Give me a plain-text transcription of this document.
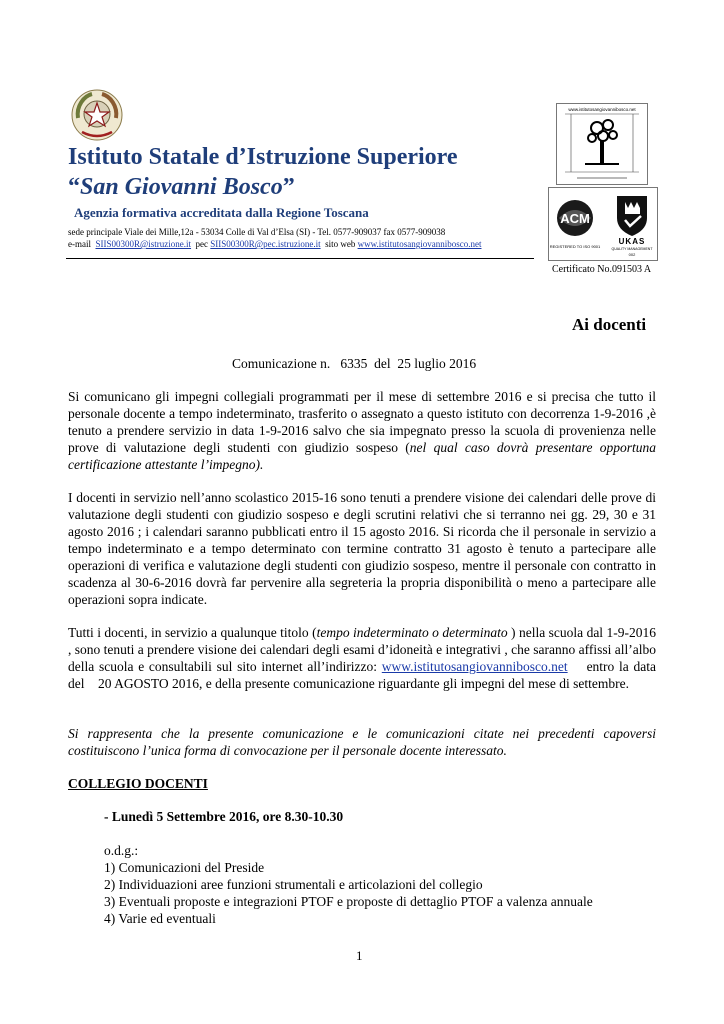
Istituto Statale d’Istruzione Superiore
“San Giovanni Bosco”
Agenzia formativa accreditata dalla Regione Toscana
sede principale Viale dei Mille,12a - 53034 Colle di Val d’Elsa (SI) - Tel. 0577-909037 fax 0577-909038
e-mail SIIS00300R@istruzione.it pec SIIS00300R@pec.istruzione.it sito web www.istitutosangiovannibosco.net
www.istitutosangiovannibosco.net
ACM
REGISTERED TO ISO 9001
UKAS
QUALITY MANAGEMENT
002
Certificato No.091503 A
Ai docenti
Comunicazione n.   6335  del  25 luglio 2016
Si comunicano gli impegni collegiali programmati per il mese di settembre 2016 e si precisa che tutto il personale docente a tempo indeterminato, trasferito o assegnato a questo istituto con decorrenza 1-9-2016 ,è tenuto a prendere servizio in data 1-9-2016 salvo che sia impegnato presso la scuola di provenienza nelle prove di valutazione degli studenti con giudizio sospeso (nel qual caso dovrà presentare opportuna certificazione attestante l’impegno).
I docenti in servizio nell’anno scolastico 2015-16 sono tenuti a prendere visione dei calendari delle prove di valutazione degli studenti con giudizio sospeso e degli scrutini relativi che si terranno nei gg. 29, 30 e 31 agosto 2016 ; i calendari saranno pubblicati entro il 15 agosto 2016. Si ricorda che il personale in servizio a tempo indeterminato e a tempo determinato con termine contratto 31 agosto è tenuto a partecipare alle operazioni di verifica e valutazione degli studenti con giudizio sospeso, mentre il personale con contratto in scadenza al 30-6-2016 dovrà far pervenire alla segreteria la propria disponibilità o meno a partecipare alle operazioni sopra indicate.
Tutti i docenti, in servizio a qualunque titolo (tempo indeterminato o determinato ) nella scuola dal 1-9-2016 , sono tenuti a prendere visione dei calendari degli esami d’idoneità e integrativi , che saranno affissi all’albo della scuola e consultabili sul sito internet all’indirizzo: www.istitutosangiovannibosco.net    entro la data del    20 AGOSTO 2016, e della presente comunicazione riguardante gli impegni del mese di settembre.
Si rappresenta che la presente comunicazione e le comunicazioni citate nei precedenti capoversi costituiscono l’unica forma di convocazione per il personale docente interessato.
COLLEGIO DOCENTI
- Lunedì 5 Settembre 2016, ore 8.30-10.30
o.d.g.:
1) Comunicazioni del Preside
2) Individuazioni aree funzioni strumentali e articolazioni del collegio
3) Eventuali proposte e integrazioni PTOF e proposte di dettaglio PTOF a valenza annuale
4) Varie ed eventuali
1
